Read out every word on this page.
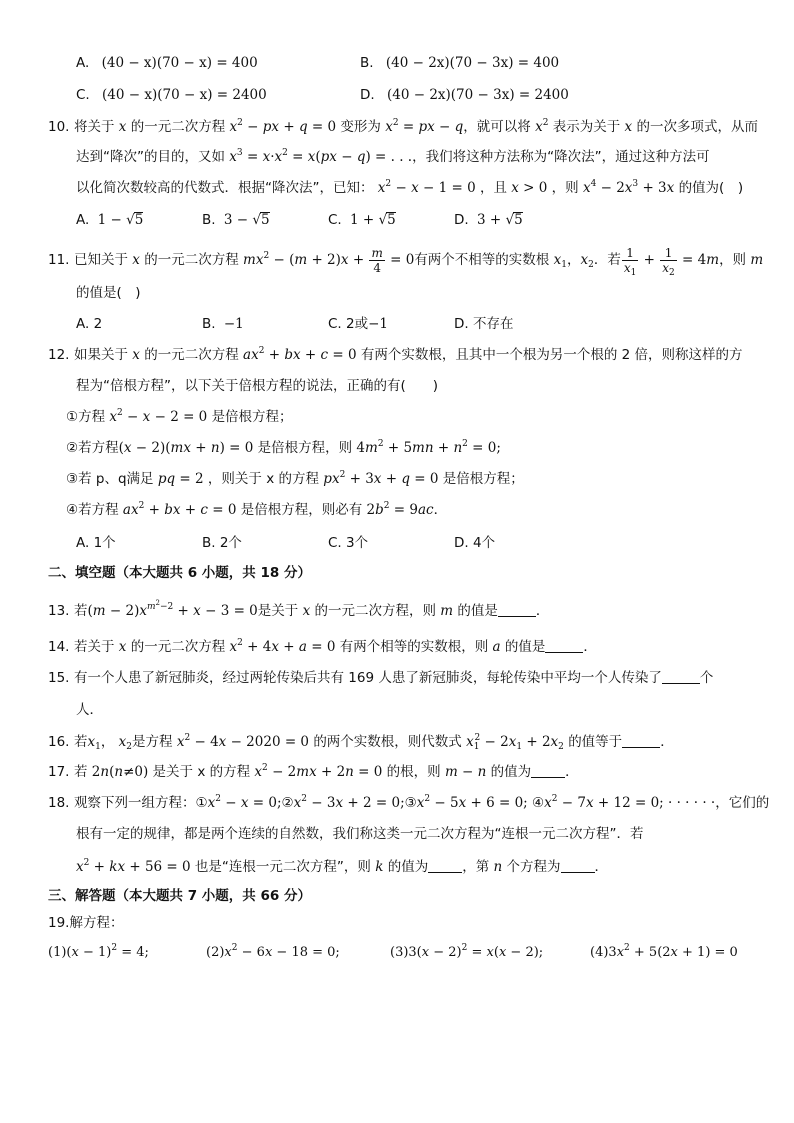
A. (40 − x)(70 − x) = 400	B. (40 − 2x)(70 − 3x) = 400
C. (40 − x)(70 − x) = 2400	D. (40 − 2x)(70 − 3x) = 2400
10. 将关于 x 的一元二次方程 $x^2$ − px + q = 0 变形为 $x^2$ = px − q，就可以将 $x^2$ 表示为关于 x 的一次多项式，从而
达到“降次”的目的，又如 $x^3 = x\cdot x^2 = x(px - q)$ = . . .，我们将这种方法称为“降次法”，通过这种方法可
以化简次数较高的代数式．根据“降次法”，已知： $x^2 - x - 1 = 0$ ，且 x > 0 ，则 $x^4 - 2x^3 + 3x$ 的值为(　)
A. 1 − √5	B. 3 − √5	C. 1 + √5	D. 3 + √5
11. 已知关于 x 的一元二次方程 $mx^2 - (m + 2)x + \frac{m}{4} = 0$有两个不相等的实数根 $x_1$，$x_2$．若 $\frac{1}{x_1} + \frac{1}{x_2} = 4m$，则 m
的值是(　)
A. 2	B. −1	C. 2或−1	D. 不存在
12. 如果关于 x 的一元二次方程 $ax^2$ + bx + c = 0 有两个实数根，且其中一个根为另一个根的 2 倍，则称这样的方
程为“倍根方程”，以下关于倍根方程的说法，正确的有(　　)
①方程 $x^2 - x - 2 = 0$ 是倍根方程；
②若方程(x − 2)(mx + n) = 0 是倍根方程，则 $4m^2 + 5mn + n^2 = 0$;
③若 p、q满足 pq = 2 ，则关于 x 的方程 $px^2 + 3x + q = 0$ 是倍根方程；
④若方程 $ax^2$ + bx + c = 0 是倍根方程，则必有 $2b^2 = 9ac$．
A. 1个	B. 2个	C. 3个	D. 4个
二、填空题（本大题共 6 小题，共 18 分）
13. 若$(m - 2)x^{m^2-2} + x - 3 = 0$是关于 x 的一元二次方程，则 m 的值是	．
14. 若关于 x 的一元二次方程 $x^2 + 4x + a = 0$ 有两个相等的实数根，则 a 的值是	．
15. 有一个人患了新冠肺炎，经过两轮传染后共有 169 人患了新冠肺炎，每轮传染中平均一个人传染了	个
人．
16. 若$x_1$， $x_2$是方程 $x^2 - 4x - 2020 = 0$ 的两个实数根，则代数式 $x_1^2 - 2x_1 + 2x_2$ 的值等于	．
17. 若 2n(n≠0) 是关于 x 的方程 $x^2 - 2mx + 2n = 0$ 的根，则 m − n 的值为	．
18. 观察下列一组方程：$①x^2 - x$ = $0;②x^2 - 3x + 2$ = $0;③x^2 - 5x + 6 = 0$; $④x^2 - 7x + 12 = 0$; · · · · · ·，它们的
根有一定的规律，都是两个连续的自然数，我们称这类一元二次方程为“连根一元二次方程”．若
$x^2$ + kx + 56 = 0 也是“连根一元二次方程”，则 k 的值为	，第 n 个方程为	．
三、解答题（本大题共 7 小题，共 66 分）
19.解方程：
$(1)(x - 1)^2 = 4$;	$(2)x^2 - 6x - 18 = 0$;	$(3)3(x - 2)^2 = x(x - 2)$;	$(4)3x^2 + 5(2x + 1) = 0$
